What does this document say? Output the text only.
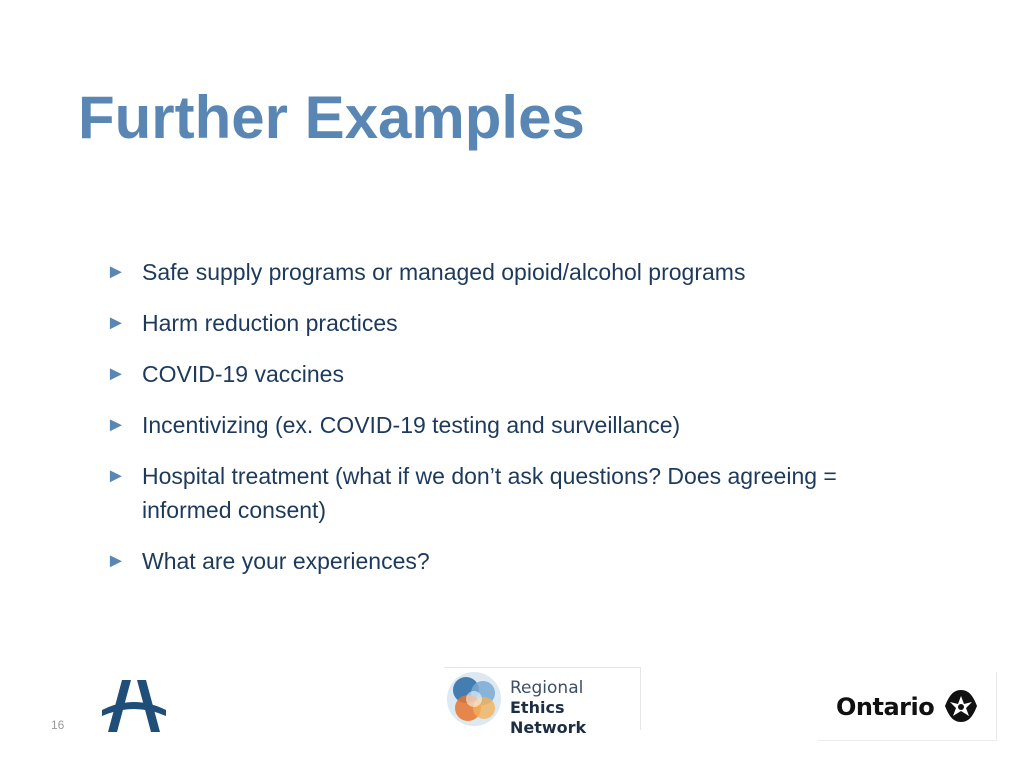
Further Examples
► Safe supply programs or managed opioid/alcohol programs
► Harm reduction practices
► COVID-19 vaccines
► Incentivizing (ex. COVID-19 testing and surveillance)
► Hospital treatment (what if we don’t ask questions? Does agreeing = informed consent)
► What are your experiences?
16
Regional
Ethics Network
Ontario
